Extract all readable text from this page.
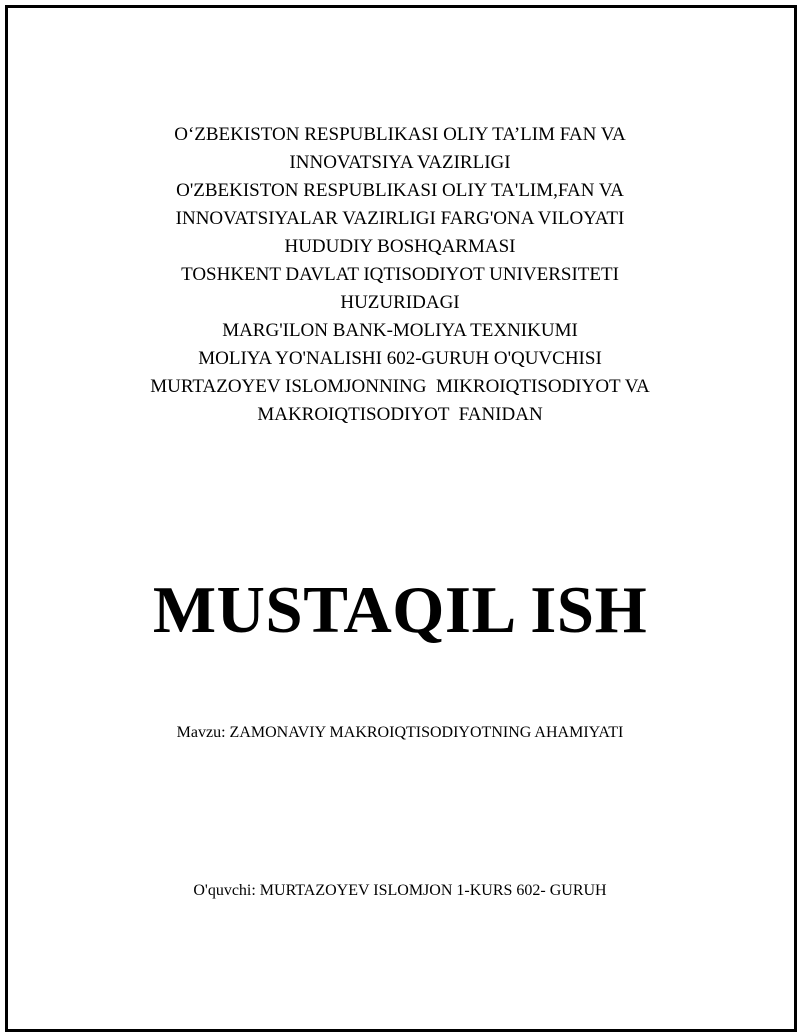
O‘ZBEKISTON RESPUBLIKASI OLIY TA’LIM FAN VA
INNOVATSIYA VAZIRLIGI
O'ZBEKISTON RESPUBLIKASI OLIY TA'LIM,FAN VA
INNOVATSIYALAR VAZIRLIGI FARG'ONA VILOYATI
HUDUDIY BOSHQARMASI
TOSHKENT DAVLAT IQTISODIYOT UNIVERSITETI
HUZURIDAGI
MARG'ILON BANK-MOLIYA TEXNIKUMI
MOLIYA YO'NALISHI 602-GURUH O'QUVCHISI
MURTAZOYEV ISLOMJONNING  MIKROIQTISODIYOT VA
MAKROIQTISODIYOT  FANIDAN
MUSTAQIL ISH
Mavzu: ZAMONAVIY MAKROIQTISODIYOTNING AHAMIYATI
O'quvchi: MURTAZOYEV ISLOMJON 1-KURS 602- GURUH
